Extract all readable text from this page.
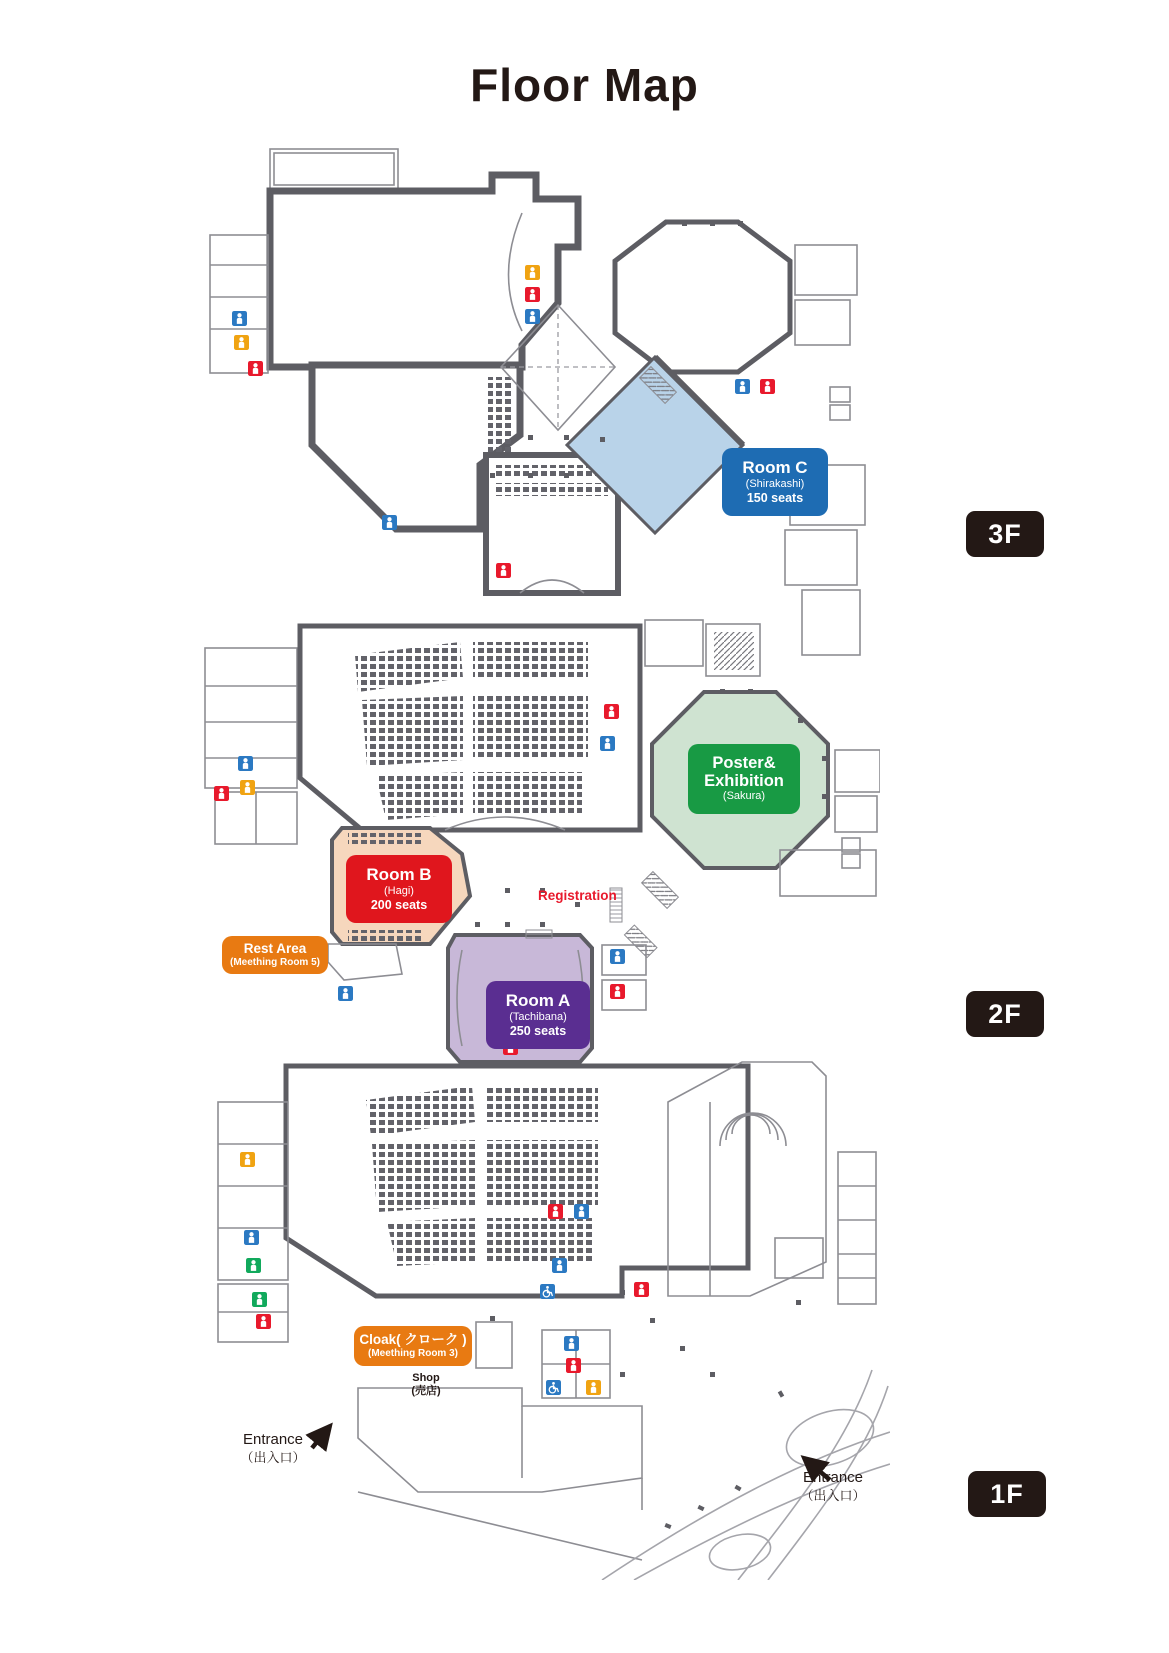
Floor Map
Room C
(Shirakashi)
150 seats
Poster&
Exhibition
(Sakura)
Room B
(Hagi)
200 seats
Rest Area
(Meething Room 5)
Room A
(Tachibana)
250 seats
Cloak( クローク )
(Meething Room 3)
Registration
Shop
(売店)
Entrance
（出入口）
Entrance
（出入口）
3F
2F
1F
